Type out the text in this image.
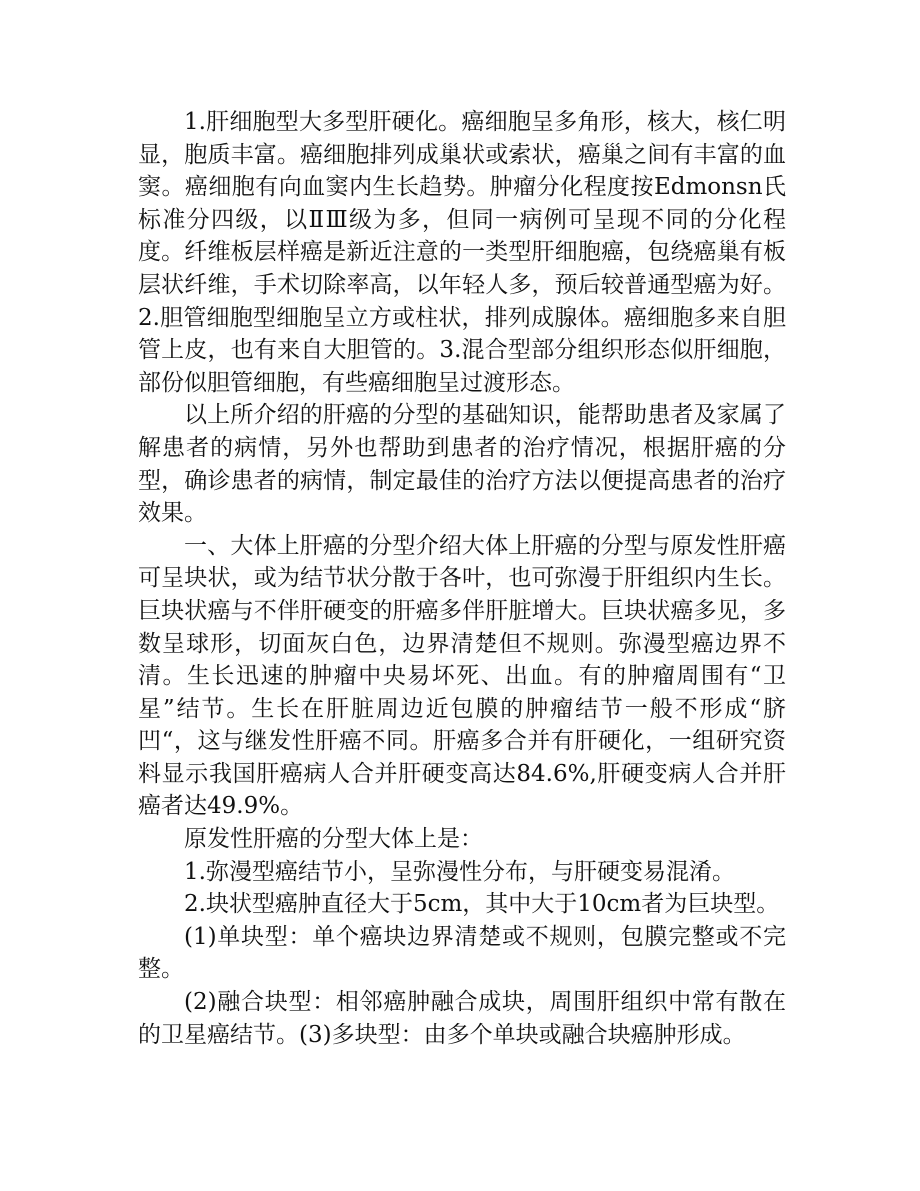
1.肝细胞型大多型肝硬化。癌细胞呈多角形，核大，核仁明显，胞质丰富。癌细胞排列成巢状或索状，癌巢之间有丰富的血窦。癌细胞有向血窦内生长趋势。肿瘤分化程度按Edmonsn氏标准分四级，以ⅡⅢ级为多，但同一病例可呈现不同的分化程度。纤维板层样癌是新近注意的一类型肝细胞癌，包绕癌巢有板层状纤维，手术切除率高，以年轻人多，预后较普通型癌为好。2.胆管细胞型细胞呈立方或柱状，排列成腺体。癌细胞多来自胆管上皮，也有来自大胆管的。3.混合型部分组织形态似肝细胞，部份似胆管细胞，有些癌细胞呈过渡形态。

以上所介绍的肝癌的分型的基础知识，能帮助患者及家属了解患者的病情，另外也帮助到患者的治疗情况，根据肝癌的分型，确诊患者的病情，制定最佳的治疗方法以便提高患者的治疗效果。

一、大体上肝癌的分型介绍大体上肝癌的分型与原发性肝癌可呈块状，或为结节状分散于各叶，也可弥漫于肝组织内生长。巨块状癌与不伴肝硬变的肝癌多伴肝脏增大。巨块状癌多见，多数呈球形，切面灰白色，边界清楚但不规则。弥漫型癌边界不清。生长迅速的肿瘤中央易坏死、出血。有的肿瘤周围有“卫星”结节。生长在肝脏周边近包膜的肿瘤结节一般不形成“脐凹“，这与继发性肝癌不同。肝癌多合并有肝硬化，一组研究资料显示我国肝癌病人合并肝硬变高达84.6%,肝硬变病人合并肝癌者达49.9%。

原发性肝癌的分型大体上是：

1.弥漫型癌结节小，呈弥漫性分布，与肝硬变易混淆。

2.块状型癌肿直径大于5cm，其中大于10cm者为巨块型。

(1)单块型：单个癌块边界清楚或不规则，包膜完整或不完整。

(2)融合块型：相邻癌肿融合成块，周围肝组织中常有散在的卫星癌结节。(3)多块型：由多个单块或融合块癌肿形成。
